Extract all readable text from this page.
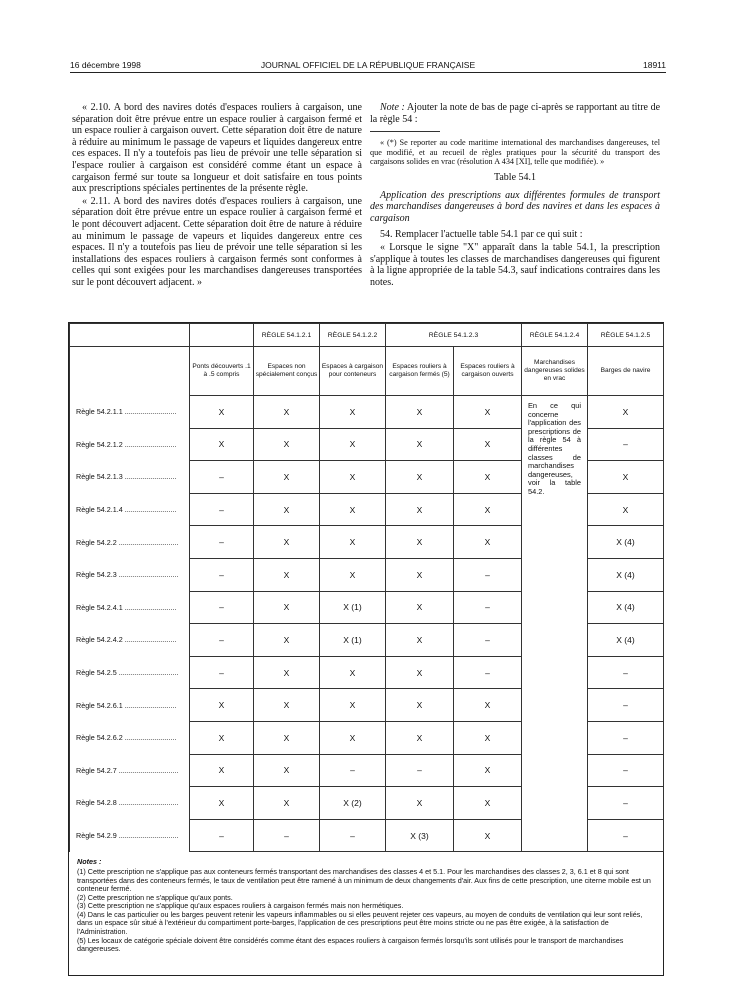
16 décembre 1998	JOURNAL OFFICIEL DE LA RÉPUBLIQUE FRANÇAISE	18911

« 2.10. A bord des navires dotés d'espaces rouliers à cargaison, une séparation doit être prévue entre un espace roulier à cargaison fermé et un espace roulier à cargaison ouvert. Cette séparation doit être de nature à réduire au minimum le passage de vapeurs et liquides dangereux entre ces espaces. Il n'y a toutefois pas lieu de prévoir une telle séparation si l'espace roulier à cargaison est considéré comme étant un espace à cargaison fermé sur toute sa longueur et doit satisfaire en tous points aux prescriptions spéciales pertinentes de la présente règle.

« 2.11. A bord des navires dotés d'espaces rouliers à cargaison, une séparation doit être prévue entre un espace roulier à cargaison fermé et le pont découvert adjacent. Cette séparation doit être de nature à réduire au minimum le passage de vapeurs et liquides dangereux entre ces espaces. Il n'y a toutefois pas lieu de prévoir une telle séparation si les installations des espaces rouliers à cargaison fermés sont conformes à celles qui sont exigées pour les marchandises dangereuses transportées sur le pont découvert adjacent. »

Note : Ajouter la note de bas de page ci-après se rapportant au titre de la règle 54 :

« (*) Se reporter au code maritime international des marchandises dangereuses, tel que modifié, et au recueil de règles pratiques pour la sécurité du transport des cargaisons solides en vrac (résolution A 434 [XI], telle que modifiée). »

Table 54.1

Application des prescriptions aux différentes formules de transport des marchandises dangereuses à bord des navires et dans les espaces à cargaison

54. Remplacer l'actuelle table 54.1 par ce qui suit :

« Lorsque le signe "X" apparaît dans la table 54.1, la prescription s'applique à toutes les classes de marchandises dangereuses qui figurent à la ligne appropriée de la table 54.3, sauf indications contraires dans les notes.

		RÈGLE 54.1.2.1	RÈGLE 54.1.2.2	RÈGLE 54.1.2.3		RÈGLE 54.1.2.4	RÈGLE 54.1.2.5
	Ponts découverts .1 à .5 compris	Espaces non spécialement conçus	Espaces à cargaison pour conteneurs	Espaces rouliers à cargaison fermés (5)	Espaces rouliers à cargaison ouverts	Marchandises dangereuses solides en vrac	Barges de navire
Règle 54.2.1.1 ..........................	X	X	X	X	X	En ce qui concerne l'application des prescriptions de la règle 54 à différentes classes de marchandises dangereuses, voir la table 54.2.	X
Règle 54.2.1.2 ..........................	X	X	X	X	X		–
Règle 54.2.1.3 ..........................	–	X	X	X	X		X
Règle 54.2.1.4 ..........................	–	X	X	X	X		X
Règle 54.2.2 ..............................	–	X	X	X	X		X (4)
Règle 54.2.3 ..............................	–	X	X	X	–		X (4)
Règle 54.2.4.1 ..........................	–	X	X (1)	X	–		X (4)
Règle 54.2.4.2 ..........................	–	X	X (1)	X	–		X (4)
Règle 54.2.5 ..............................	–	X	X	X	–		–
Règle 54.2.6.1 ..........................	X	X	X	X	X		–
Règle 54.2.6.2 ..........................	X	X	X	X	X		–
Règle 54.2.7 ..............................	X	X	–	–	X		–
Règle 54.2.8 ..............................	X	X	X (2)	X	X		–
Règle 54.2.9 ..............................	–	–	–	X (3)	X		–

Notes :

(1) Cette prescription ne s'applique pas aux conteneurs fermés transportant des marchandises des classes 4 et 5.1. Pour les marchandises des classes 2, 3, 6.1 et 8 qui sont transportées dans des conteneurs fermés, le taux de ventilation peut être ramené à un minimum de deux changements d'air. Aux fins de cette prescription, une citerne mobile est un conteneur fermé.

(2) Cette prescription ne s'applique qu'aux ponts.

(3) Cette prescription ne s'applique qu'aux espaces rouliers à cargaison fermés mais non hermétiques.

(4) Dans le cas particulier ou les barges peuvent retenir les vapeurs inflammables ou si elles peuvent rejeter ces vapeurs, au moyen de conduits de ventilation qui leur sont reliés, dans un espace sûr situé à l'extérieur du compartiment porte-barges, l'application de ces prescriptions peut être moins stricte ou ne pas être exigée, à la satisfaction de l'Administration.

(5) Les locaux de catégorie spéciale doivent être considérés comme étant des espaces rouliers à cargaison fermés lorsqu'ils sont utilisés pour le transport de marchandises dangereuses.
